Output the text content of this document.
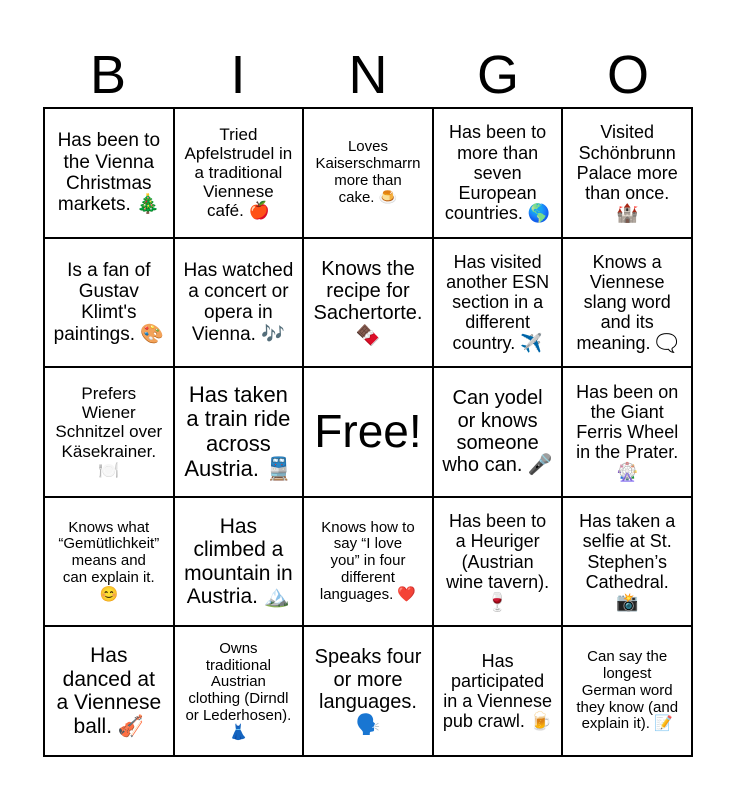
B	I	N	G	O
Has been to
the Vienna
Christmas
markets. 🎄
Tried
Apfelstrudel in
a traditional
Viennese
café. 🍎
Loves
Kaiserschmarrn
more than
cake. 🍮
Has been to
more than
seven
European
countries. 🌎
Visited
Schönbrunn
Palace more
than once.
🏰
Is a fan of
Gustav
Klimt's
paintings. 🎨
Has watched
a concert or
opera in
Vienna. 🎶
Knows the
recipe for
Sachertorte.
🍫
Has visited
another ESN
section in a
different
country. ✈️
Knows a
Viennese
slang word
and its
meaning. 🗨️
Prefers
Wiener
Schnitzel over
Käsekrainer.
🍽️
Has taken
a train ride
across
Austria. 🚆
Free!
Can yodel
or knows
someone
who can. 🎤
Has been on
the Giant
Ferris Wheel
in the Prater.
🎡
Knows what
“Gemütlichkeit”
means and
can explain it.
😊
Has
climbed a
mountain in
Austria. 🏔️
Knows how to
say “I love
you” in four
different
languages. ❤️
Has been to
a Heuriger
(Austrian
wine tavern).
🍷
Has taken a
selfie at St.
Stephen’s
Cathedral.
📸
Has
danced at
a Viennese
ball. 🎻
Owns
traditional
Austrian
clothing (Dirndl
or Lederhosen).
👗
Speaks four
or more
languages.
🗣️
Has
participated
in a Viennese
pub crawl. 🍺
Can say the
longest
German word
they know (and
explain it). 📝
